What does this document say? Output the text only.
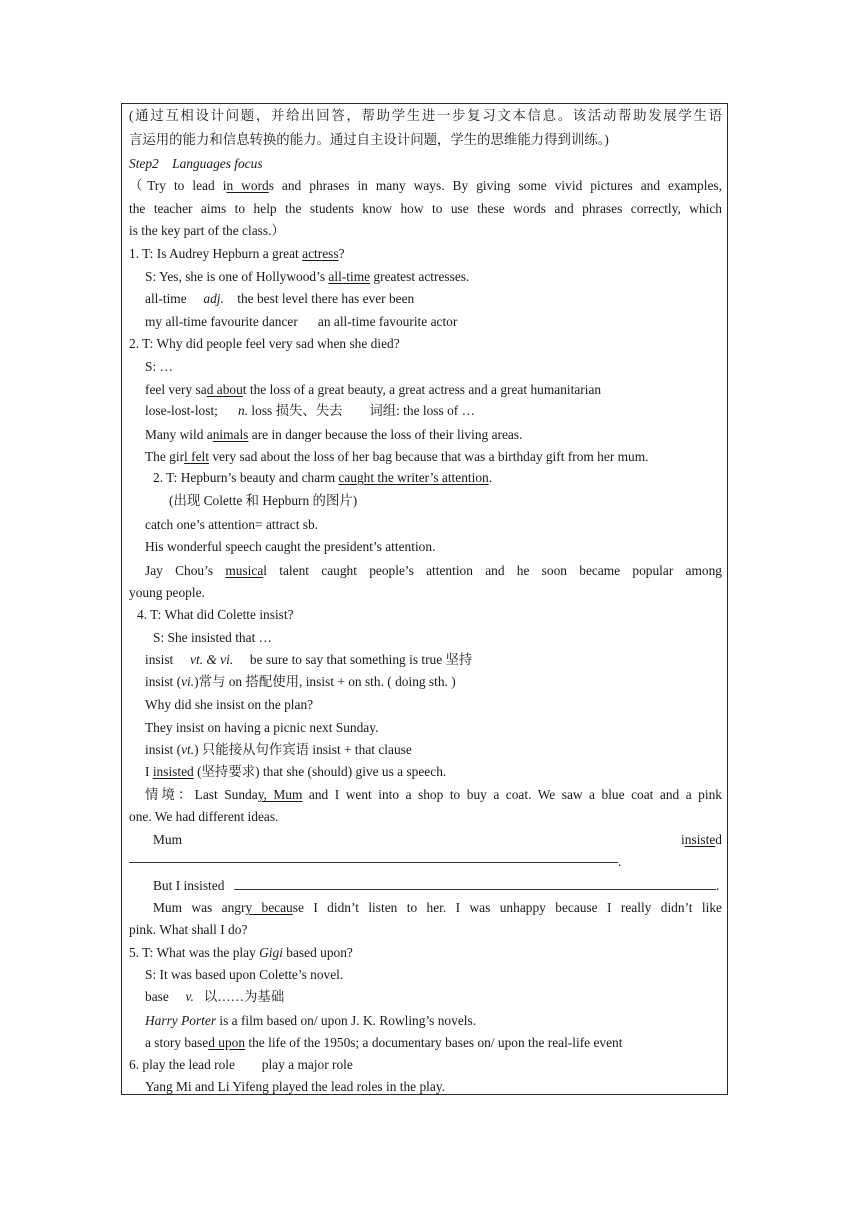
(通过互相设计问题，并给出回答，帮助学生进一步复习文本信息。该活动帮助发展学生语
言运用的能力和信息转换的能力。通过自主设计问题，学生的思维能力得到训练。)
Step2 Languages focus
（Try to lead in words and phrases in many ways. By giving some vivid pictures and examples,
the teacher aims to help the students know how to use these words and phrases correctly, which
is the key part of the class.）
1. T: Is Audrey Hepburn a great actress?
S: Yes, she is one of Hollywood’s all-time greatest actresses.
all-time adj. the best level there has ever been
my all-time favourite dancer an all-time favourite actor
2. T: Why did people feel very sad when she died?
S: …
feel very sad about the loss of a great beauty, a great actress and a great humanitarian
lose-lost-lost; n. loss 损失、失去 词组: the loss of …
Many wild animals are in danger because the loss of their living areas.
The girl felt very sad about the loss of her bag because that was a birthday gift from her mum.
2. T: Hepburn’s beauty and charm caught the writer’s attention.
(出现 Colette 和 Hepburn 的图片)
catch one’s attention= attract sb.
His wonderful speech caught the president’s attention.
Jay Chou’s musical talent caught people’s attention and he soon became popular among
young people.
4. T: What did Colette insist?
S: She insisted that …
insist vt. & vi. be sure to say that something is true 坚持
insist (vi.)常与 on 搭配使用, insist + on sth. ( doing sth. )
Why did she insist on the plan?
They insist on having a picnic next Sunday.
insist (vt.) 只能接从句作宾语 insist + that clause
I insisted (坚持要求) that she (should) give us a speech.
情境：Last Sunday, Mum and I went into a shop to buy a coat. We saw a blue coat and a pink
one. We had different ideas.
Mum	insisted
.
But I insisted	.
Mum was angry because I didn’t listen to her. I was unhappy because I really didn’t like
pink. What shall I do?
5. T: What was the play Gigi based upon?
S: It was based upon Colette’s novel.
base v. 以……为基础
Harry Porter is a film based on/ upon J. K. Rowling’s novels.
a story based upon the life of the 1950s; a documentary bases on/ upon the real-life event
6. play the lead role play a major role
Yang Mi and Li Yifeng played the lead roles in the play.
